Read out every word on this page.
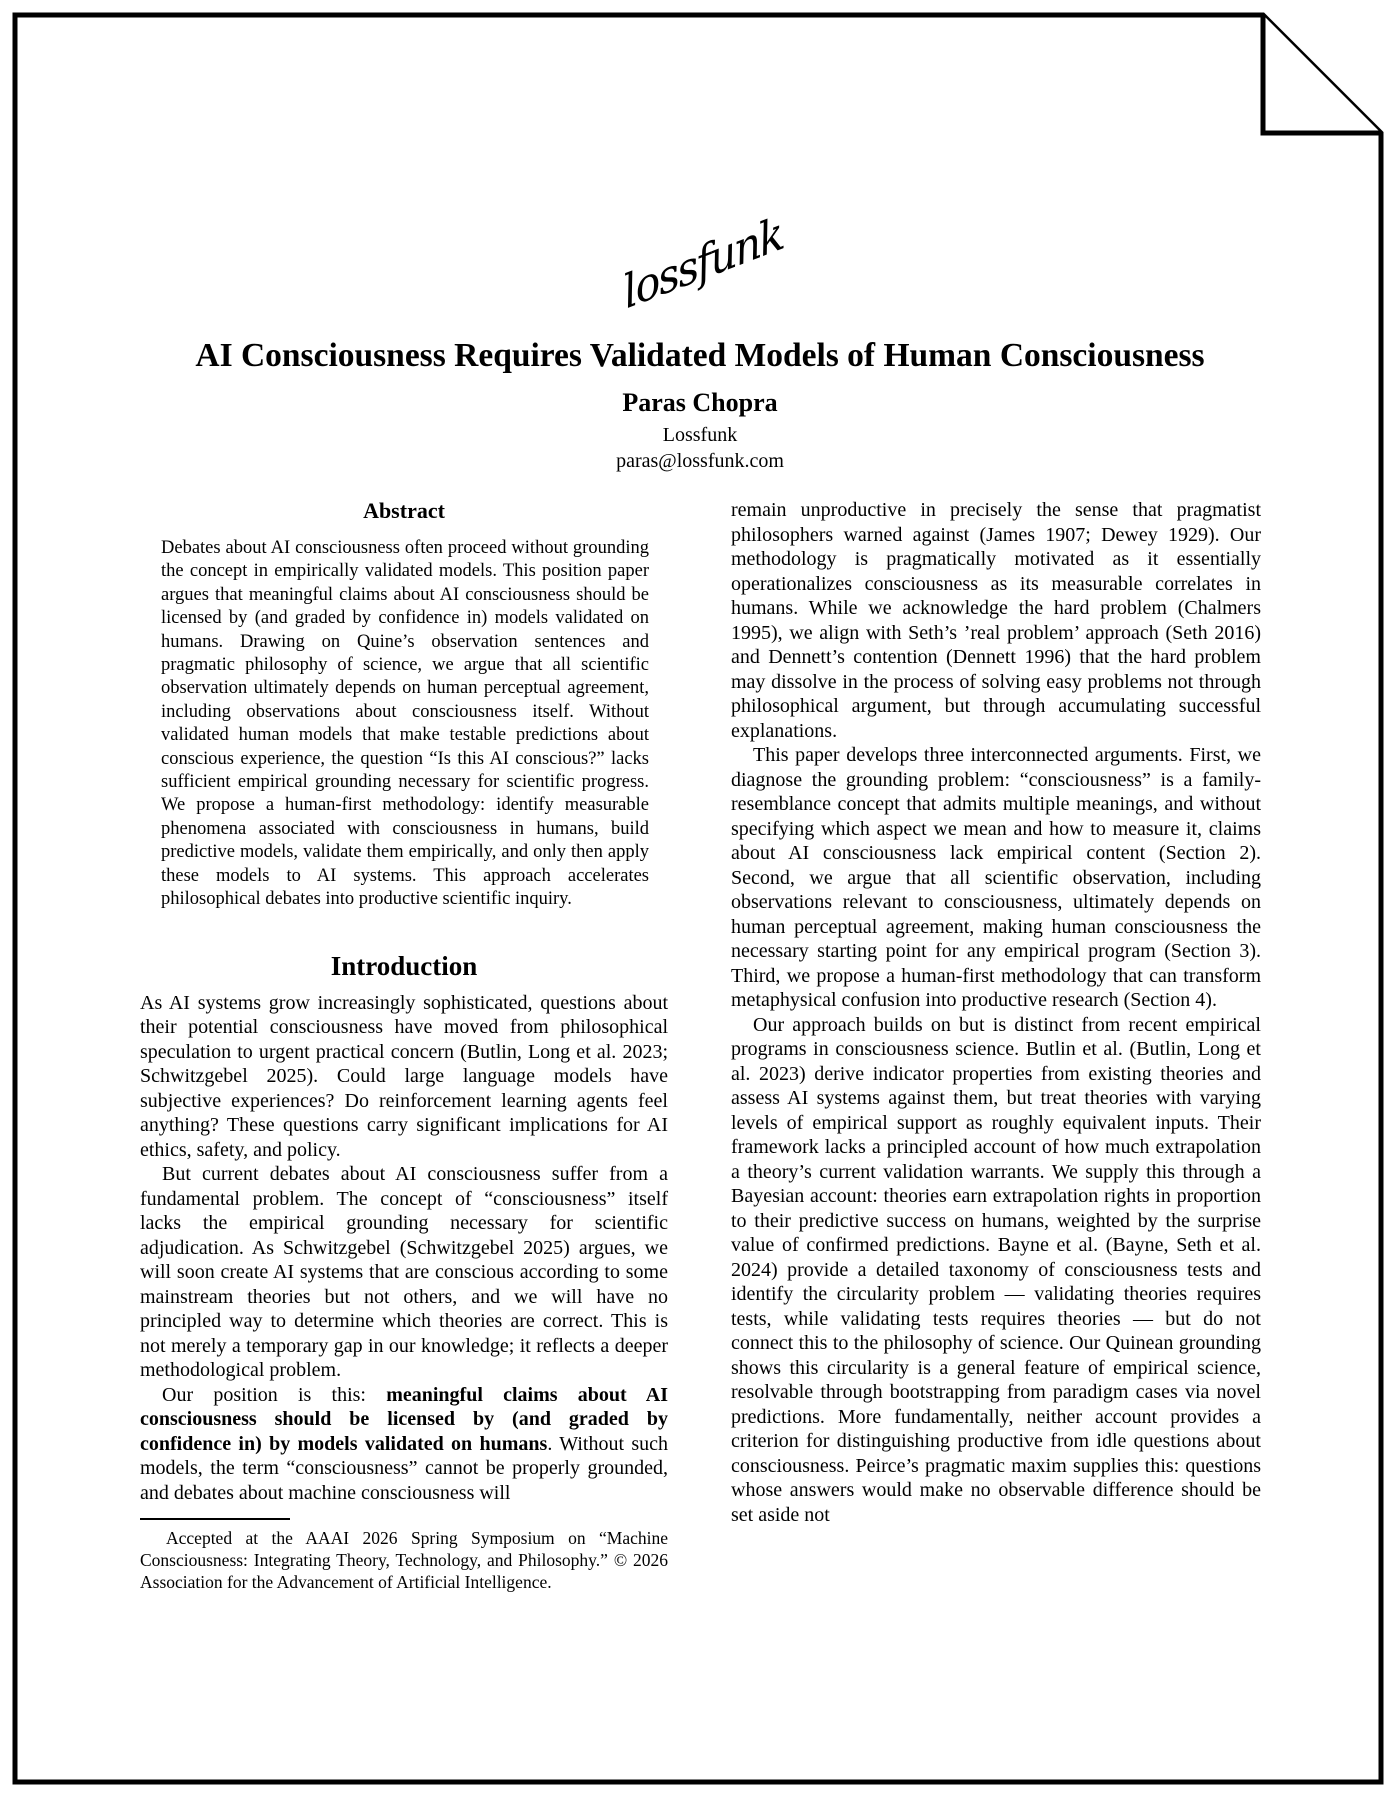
lossfunk
AI Consciousness Requires Validated Models of Human Consciousness
Paras Chopra
Lossfunk
paras@lossfunk.com
Abstract

Debates about AI consciousness often proceed without grounding the concept in empirically validated models. This position paper argues that meaningful claims about AI consciousness should be licensed by (and graded by confidence in) models validated on humans. Drawing on Quine’s observation sentences and pragmatic philosophy of science, we argue that all scientific observation ultimately depends on human perceptual agreement, including observations about consciousness itself. Without validated human models that make testable predictions about conscious experience, the question “Is this AI conscious?” lacks sufficient empirical grounding necessary for scientific progress. We propose a human-first methodology: identify measurable phenomena associated with consciousness in humans, build predictive models, validate them empirically, and only then apply these models to AI systems. This approach accelerates philosophical debates into productive scientific inquiry.

Introduction

As AI systems grow increasingly sophisticated, questions about their potential consciousness have moved from philosophical speculation to urgent practical concern (Butlin, Long et al. 2023; Schwitzgebel 2025). Could large language models have subjective experiences? Do reinforcement learning agents feel anything? These questions carry significant implications for AI ethics, safety, and policy.

But current debates about AI consciousness suffer from a fundamental problem. The concept of “consciousness” itself lacks the empirical grounding necessary for scientific adjudication. As Schwitzgebel (Schwitzgebel 2025) argues, we will soon create AI systems that are conscious according to some mainstream theories but not others, and we will have no principled way to determine which theories are correct. This is not merely a temporary gap in our knowledge; it reflects a deeper methodological problem.

Our position is this: meaningful claims about AI consciousness should be licensed by (and graded by confidence in) by models validated on humans. Without such models, the term “consciousness” cannot be properly grounded, and debates about machine consciousness will

Accepted at the AAAI 2026 Spring Symposium on “Machine Consciousness: Integrating Theory, Technology, and Philosophy.” © 2026 Association for the Advancement of Artificial Intelligence.

remain unproductive in precisely the sense that pragmatist philosophers warned against (James 1907; Dewey 1929). Our methodology is pragmatically motivated as it essentially operationalizes consciousness as its measurable correlates in humans. While we acknowledge the hard problem (Chalmers 1995), we align with Seth’s ’real problem’ approach (Seth 2016) and Dennett’s contention (Dennett 1996) that the hard problem may dissolve in the process of solving easy problems not through philosophical argument, but through accumulating successful explanations.

This paper develops three interconnected arguments. First, we diagnose the grounding problem: “consciousness” is a family-resemblance concept that admits multiple meanings, and without specifying which aspect we mean and how to measure it, claims about AI consciousness lack empirical content (Section 2). Second, we argue that all scientific observation, including observations relevant to consciousness, ultimately depends on human perceptual agreement, making human consciousness the necessary starting point for any empirical program (Section 3). Third, we propose a human-first methodology that can transform metaphysical confusion into productive research (Section 4).

Our approach builds on but is distinct from recent empirical programs in consciousness science. Butlin et al. (Butlin, Long et al. 2023) derive indicator properties from existing theories and assess AI systems against them, but treat theories with varying levels of empirical support as roughly equivalent inputs. Their framework lacks a principled account of how much extrapolation a theory’s current validation warrants. We supply this through a Bayesian account: theories earn extrapolation rights in proportion to their predictive success on humans, weighted by the surprise value of confirmed predictions. Bayne et al. (Bayne, Seth et al. 2024) provide a detailed taxonomy of consciousness tests and identify the circularity problem — validating theories requires tests, while validating tests requires theories — but do not connect this to the philosophy of science. Our Quinean grounding shows this circularity is a general feature of empirical science, resolvable through bootstrapping from paradigm cases via novel predictions. More fundamentally, neither account provides a criterion for distinguishing productive from idle questions about consciousness. Peirce’s pragmatic maxim supplies this: questions whose answers would make no observable difference should be set aside not
